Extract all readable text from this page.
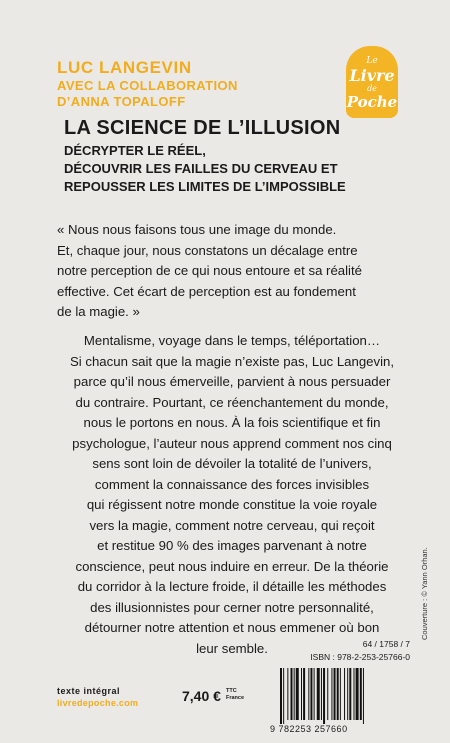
LUC LANGEVIN

AVEC LA COLLABORATION

D’ANNA TOPALOFF

Le
Livre
de
Poche
LA SCIENCE DE L’ILLUSION
DÉCRYPTER LE RÉEL,
DÉCOUVRIR LES FAILLES DU CERVEAU ET
REPOUSSER LES LIMITES DE L’IMPOSSIBLE
« Nous nous faisons tous une image du monde.
Et, chaque jour, nous constatons un décalage entre
notre perception de ce qui nous entoure et sa réalité
effective. Cet écart de perception est au fondement
de la magie. »
Mentalisme, voyage dans le temps, téléportation…
Si chacun sait que la magie n’existe pas, Luc Langevin,
parce qu’il nous émerveille, parvient à nous persuader
du contraire. Pourtant, ce réenchantement du monde,
nous le portons en nous. À la fois scientifique et fin
psychologue, l’auteur nous apprend comment nos cinq
sens sont loin de dévoiler la totalité de l’univers,
comment la connaissance des forces invisibles
qui régissent notre monde constitue la voie royale
vers la magie, comment notre cerveau, qui reçoit
et restitue 90 % des images parvenant à notre
conscience, peut nous induire en erreur. De la théorie
du corridor à la lecture froide, il détaille les méthodes
des illusionnistes pour cerner notre personnalité,
détourner notre attention et nous emmener où bon
leur semble.
Couverture : © Yann Orhan.
64 / 1758 / 7
ISBN : 978-2-253-25766-0
texte intégral
livredepoche.com	7,40 € TTC
France
9 782253 257660
